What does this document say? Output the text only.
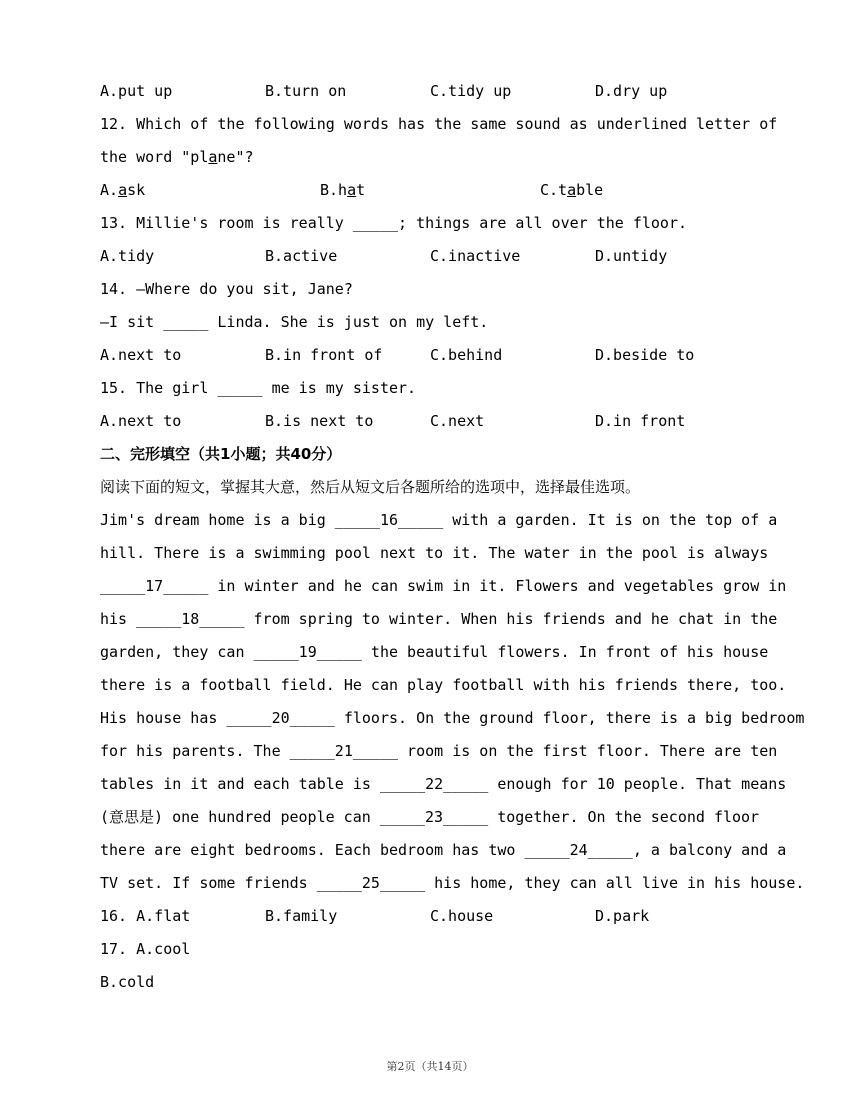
A.put up	B.turn on	C.tidy up	D.dry up
12. Which of the following words has the same sound as underlined letter of
the word "plane"?
A.ask	B.hat	C.table
13. Millie's room is really _____; things are all over the floor.
A.tidy	B.active	C.inactive	D.untidy
14. —Where do you sit, Jane?
—I sit _____ Linda. She is just on my left.
A.next to	B.in front of	C.behind	D.beside to
15. The girl _____ me is my sister.
A.next to	B.is next to	C.next	D.in front
二、完形填空（共1小题；共40分）
阅读下面的短文，掌握其大意，然后从短文后各题所给的选项中，选择最佳选项。
Jim's dream home is a big _____16_____ with a garden. It is on the top of a
hill. There is a swimming pool next to it. The water in the pool is always
_____17_____ in winter and he can swim in it. Flowers and vegetables grow in
his _____18_____ from spring to winter. When his friends and he chat in the
garden, they can _____19_____ the beautiful flowers. In front of his house
there is a football field. He can play football with his friends there, too.
His house has _____20_____ floors. On the ground floor, there is a big bedroom
for his parents. The _____21_____ room is on the first floor. There are ten
tables in it and each table is _____22_____ enough for 10 people. That means
(意思是) one hundred people can _____23_____ together. On the second floor
there are eight bedrooms. Each bedroom has two _____24_____, a balcony and a
TV set. If some friends _____25_____ his home, they can all live in his house.
16. A.flat	B.family	C.house	D.park
17. A.cool
B.cold
第2页（共14页）
